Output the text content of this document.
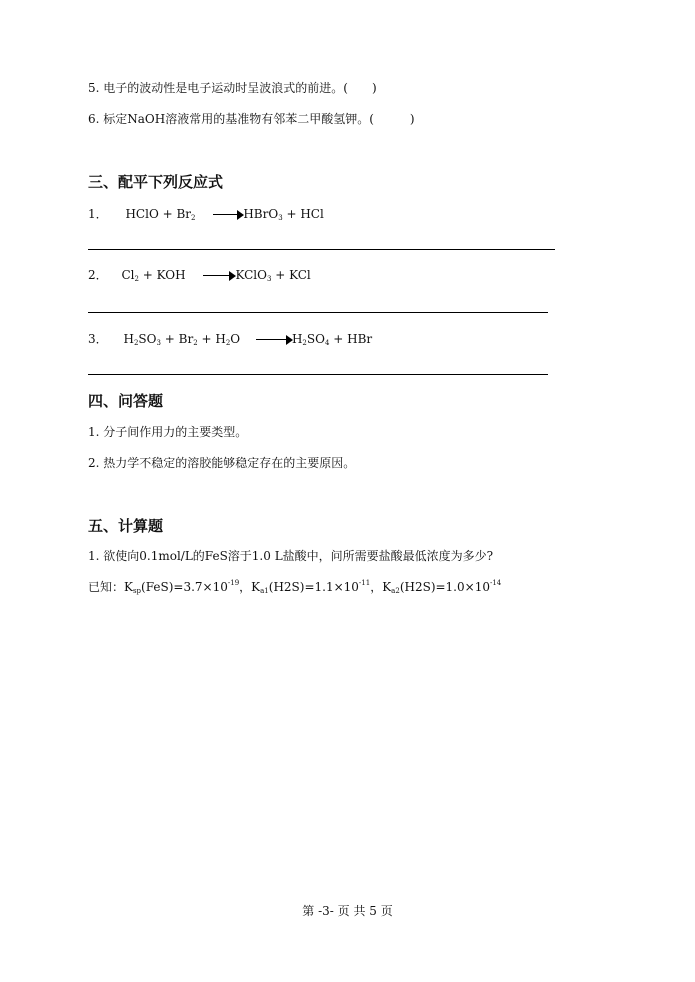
5. 电子的波动性是电子运动时呈波浪式的前进。(　　)
6. 标定NaOH溶液常用的基准物有邻苯二甲酸氢钾。(　　　)
三、配平下列反应式
1． HClO + $Br_2$	HBrO$_3$ + HCl
2． $Cl_2$ + KOH	KClO$_3$ + KCl
3． $H_2SO_3 + Br_2 + H_2O$	$H_2SO_4$ + HBr
四、问答题
1. 分子间作用力的主要类型。
2. 热力学不稳定的溶胶能够稳定存在的主要原因。
五、计算题
1. 欲使向0.1mol/L的FeS溶于1.0 L盐酸中，问所需要盐酸最低浓度为多少?
已知：$K_{sp}(FeS)=3.7\times 10^{-19}$，$K_{a1}(H2S)=1.1\times 10^{-11}$，$K_{a2}(H2S)=1.0\times 10^{-14}$
第 -3- 页 共 5 页
